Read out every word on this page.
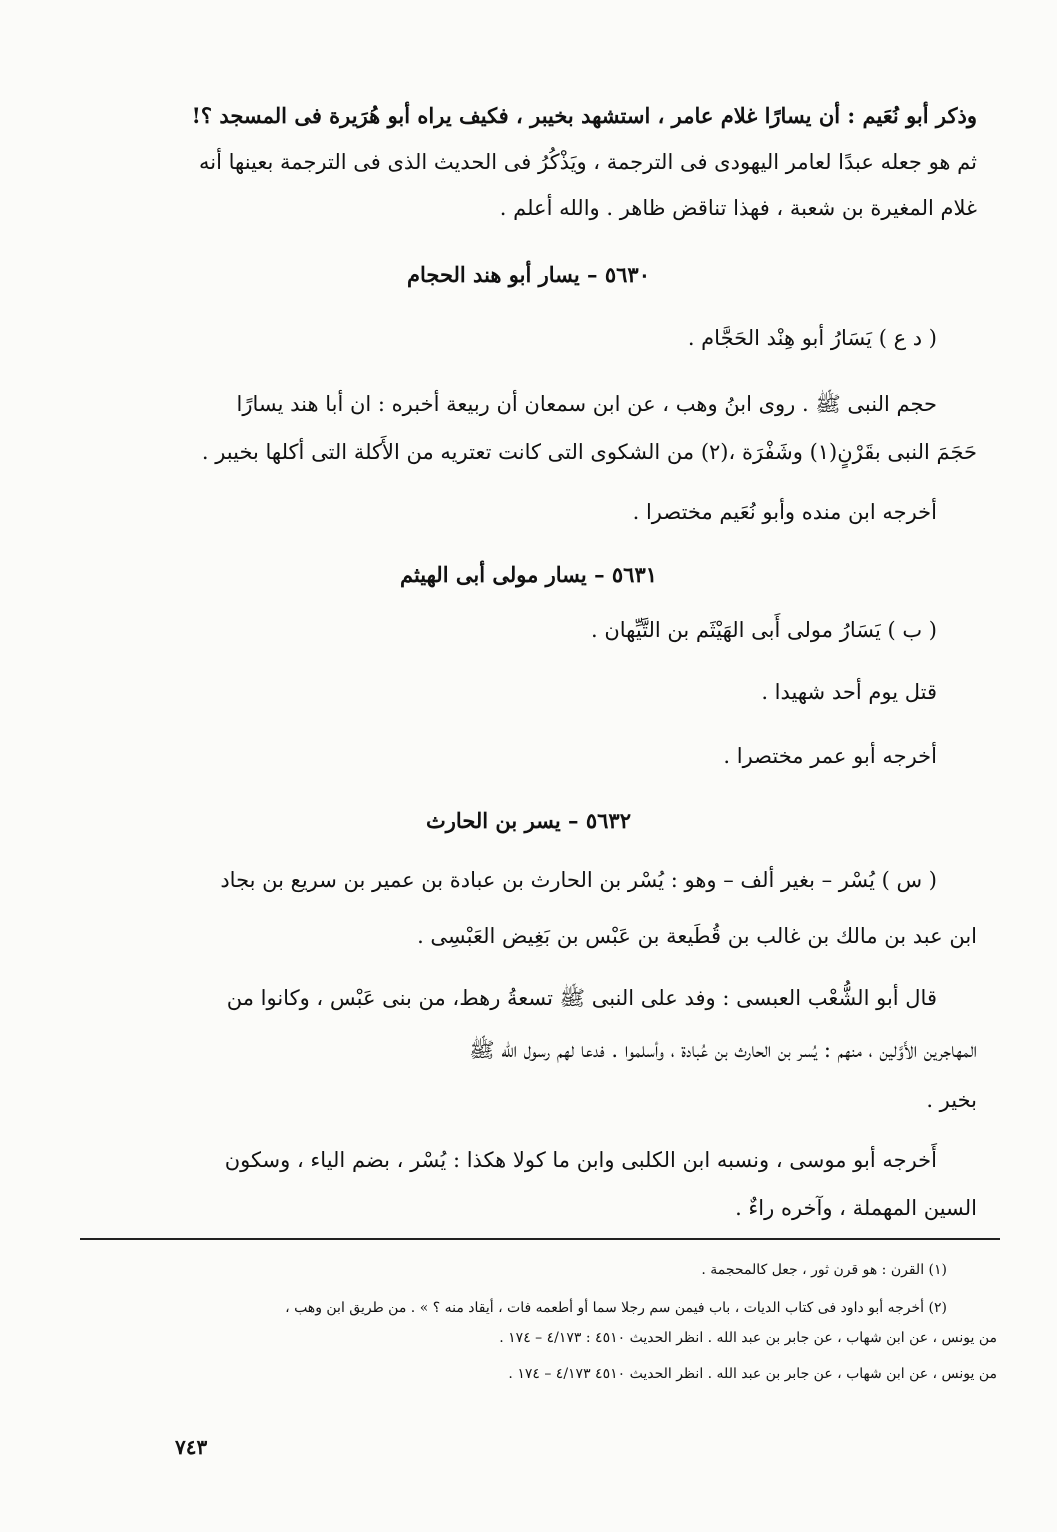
وذكر أبو نُعَيم : أن يسارًا غلام عامر ، استشهد بخيبر ، فكيف يراه أبو هُرَيرة فى المسجد ؟!
ثم هو جعله عبدًا لعامر اليهودى فى الترجمة ، ويَذْكُرُ فى الحديث الذى فى الترجمة بعينها أنه
غلام المغيرة بن شعبة ، فهذا تناقض ظاهر . والله أعلم .
٥٦٣٠ – يسار أبو هند الحجام
( د ع ) يَسَارُ أبو هِنْد الحَجَّام .
حجم النبى ﷺ . روى ابنُ وهب ، عن ابن سمعان أن ربيعة أخبره : ان أبا هند يسارًا
حَجَمَ النبى بقَرْنٍ(١) وشَفْرَة ،(٢) من الشكوى التى كانت تعتريه من الأَكلة التى أكلها بخيبر .
أخرجه ابن منده وأبو نُعَيم مختصرا .
٥٦٣١ – يسار مولى أبى الهيثم
( ب ) يَسَارُ مولى أَبى الهَيْثَم بن التَّيِّهان .
قتل يوم أحد شهيدا .
أخرجه أبو عمر مختصرا .
٥٦٣٢ – يسر بن الحارث
( س ) يُسْر – بغير ألف – وهو : يُسْر بن الحارث بن عبادة بن عمير بن سريع بن بجاد
ابن عبد بن مالك بن غالب بن قُطَيعة بن عَبْس بن بَغِيض العَبْسِى .
قال أبو الشُّعْب العبسى : وفد على النبى ﷺ تسعةُ رهط، من بنى عَبْس ، وكانوا من
المهاجرين الأَوَّلين ، منهم : يُسر بن الحارث بن عُبادة ، وأسلموا . فدعا لهم رسول الله ﷺ
بخير .
أَخرجه أبو موسى ، ونسبه ابن الكلبى وابن ما كولا هكذا : يُسْر ، بضم الياء ، وسكون
السين المهملة ، وآخره راءٌ .
(١) القرن : هو قرن ثور ، جعل كالمحجمة .
(٢) أخرجه أبو داود فى كتاب الديات ، باب فيمن سم رجلا سما أو أطعمه فات ، أيقاد منه ؟ » . من طريق ابن وهب ،
من يونس ، عن ابن شهاب ، عن جابر بن عبد الله . انظر الحديث ٤٥١٠ : ٤/١٧٣ – ١٧٤ .
من يونس ، عن ابن شهاب ، عن جابر بن عبد الله . انظر الحديث ٤٥١٠ ٤/١٧٣ – ١٧٤ .
٧٤٣
